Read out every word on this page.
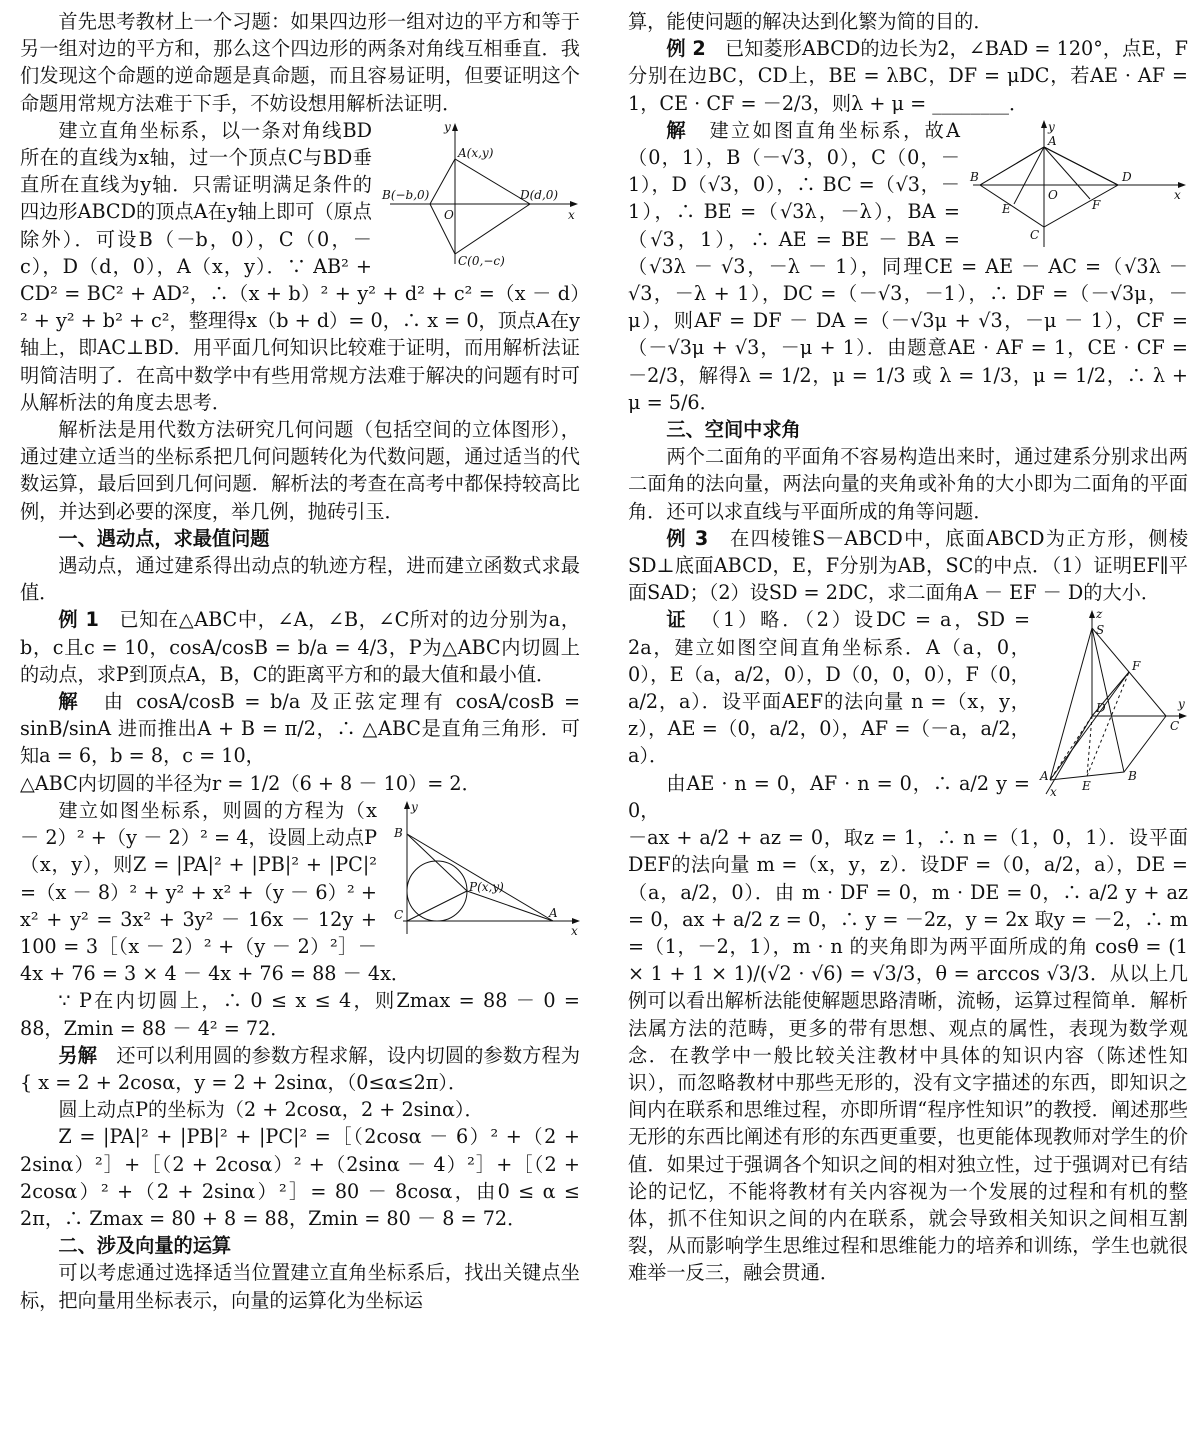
首先思考教材上一个习题：如果四边形一组对边的平方和等于另一组对边的平方和，那么这个四边形的两条对角线互相垂直．我们发现这个命题的逆命题是真命题，而且容易证明，但要证明这个命题用常规方法难于下手，不妨设想用解析法证明．

y
x
A(x,y)
B(−b,0)	D(d,0)
C(0,−c)
O

建立直角坐标系，以一条对角线BD所在的直线为x轴，过一个顶点C与BD垂直所在直线为y轴．只需证明满足条件的四边形ABCD的顶点A在y轴上即可（原点除外）．可设B（－b，0），C（0，－c），D（d，0），A（x，y）．∵ AB² + CD² = BC² + AD²，∴（x + b）² + y² + d² + c² =（x － d）² + y² + b² + c²，整理得x（b + d）= 0，∴ x = 0，顶点A在y轴上，即AC⊥BD．用平面几何知识比较难于证明，而用解析法证明简洁明了．在高中数学中有些用常规方法难于解决的问题有时可从解析法的角度去思考．

解析法是用代数方法研究几何问题（包括空间的立体图形），通过建立适当的坐标系把几何问题转化为代数问题，通过适当的代数运算，最后回到几何问题．解析法的考查在高考中都保持较高比例，并达到必要的深度，举几例，抛砖引玉．

一、遇动点，求最值问题

遇动点，通过建系得出动点的轨迹方程，进而建立函数式求最值．

例 1　 已知在△ABC中，∠A，∠B，∠C所对的边分别为a，b，c且c = 10，cosA/cosB = b/a = 4/3，P为△ABC内切圆上的动点，求P到顶点A，B，C的距离平方和的最大值和最小值．

解　 由 cosA/cosB = b/a 及正弦定理有 cosA/cosB = sinB/sinA 进而推出A + B = π/2，∴ △ABC是直角三角形．可知a = 6，b = 8，c = 10，

△ABC内切圆的半径为r = 1/2（6 + 8 － 10）= 2．

y
x
B
C	A
P(x,y)

建立如图坐标系，则圆的方程为（x － 2）² +（y － 2）² = 4，设圆上动点P（x，y），则Z = |PA|² + |PB|² + |PC|² =（x － 8）² + y² + x² +（y － 6）² + x² + y² = 3x² + 3y² － 16x － 12y + 100 = 3［（x － 2）² +（y － 2）²］－ 4x + 76 = 3 × 4 － 4x + 76 = 88 － 4x．

∵ P在内切圆上，∴ 0 ≤ x ≤ 4，则Zmax = 88 － 0 = 88，Zmin = 88 － 4² = 72．

另解　 还可以利用圆的参数方程求解，设内切圆的参数方程为 { x = 2 + 2cosα，y = 2 + 2sinα，（0≤α≤2π）．

圆上动点P的坐标为（2 + 2cosα，2 + 2sinα）．

Z = |PA|² + |PB|² + |PC|² =［（2cosα － 6）² +（2 + 2sinα）²］+［（2 + 2cosα）² +（2sinα － 4）²］+［（2 + 2cosα）² +（2 + 2sinα）²］= 80 － 8cosα，由0 ≤ α ≤ 2π，∴ Zmax = 80 + 8 = 88，Zmin = 80 － 8 = 72．

二、涉及向量的运算

可以考虑通过选择适当位置建立直角坐标系后，找出关键点坐标，把向量用坐标表示，向量的运算化为坐标运

算，能使问题的解决达到化繁为简的目的．

例 2　 已知菱形ABCD的边长为2，∠BAD = 120°，点E，F分别在边BC，CD上，BE = λBC，DF = μDC，若AE · AF = 1，CE · CF = －2/3，则λ + μ = ________．

y
x
A
B	D
C
O
E	F

解　 建立如图直角坐标系，故A（0，1），B（－√3，0），C（0，－1），D（√3，0），∴ BC =（√3，－1），∴ BE =（√3λ，－λ），BA =（√3，1），∴ AE = BE － BA =（√3λ － √3，－λ － 1），同理CE = AE － AC =（√3λ － √3，－λ + 1），DC =（－√3，－1），∴ DF =（－√3μ，－μ），则AF = DF － DA =（－√3μ + √3，－μ － 1），CF =（－√3μ + √3，－μ + 1）．由题意AE · AF = 1，CE · CF = －2/3，解得λ = 1/2，μ = 1/3 或 λ = 1/3，μ = 1/2，∴ λ + μ = 5/6．

三、空间中求角

两个二面角的平面角不容易构造出来时，通过建系分别求出两二面角的法向量，两法向量的夹角或补角的大小即为二面角的平面角．还可以求直线与平面所成的角等问题．

例 3　 在四棱锥S－ABCD中，底面ABCD为正方形，侧棱SD⊥底面ABCD，E，F分别为AB，SC的中点．（1）证明EF∥平面SAD；（2）设SD = 2DC，求二面角A － EF － D的大小．

z
y
x
S
F
D
C
A
E
B

证　 （1）略．（2）设DC = a，SD = 2a，建立如图空间直角坐标系．A（a，0，0），E（a，a/2，0），D（0，0，0），F（0，a/2，a）．设平面AEF的法向量 n =（x，y，z），AE =（0，a/2，0），AF =（－a，a/2，a）．

由AE · n = 0，AF · n = 0，∴ a/2 y = 0，

－ax + a/2 + az = 0，取z = 1，∴ n =（1，0，1）．设平面DEF的法向量 m =（x，y，z）．设DF =（0，a/2，a），DE =（a，a/2，0）．由 m · DF = 0，m · DE = 0，∴ a/2 y + az = 0，ax + a/2 z = 0，∴ y = －2z，y = 2x 取y = －2，∴ m =（1，－2，1），m · n 的夹角即为两平面所成的角 cosθ = (1 × 1 + 1 × 1)/(√2 · √6) = √3/3，θ = arccos √3/3．从以上几例可以看出解析法能使解题思路清晰，流畅，运算过程简单．解析法属方法的范畴，更多的带有思想、观点的属性，表现为数学观念．在教学中一般比较关注教材中具体的知识内容（陈述性知识），而忽略教材中那些无形的，没有文字描述的东西，即知识之间内在联系和思维过程，亦即所谓“程序性知识”的教授．阐述那些无形的东西比阐述有形的东西更重要，也更能体现教师对学生的价值．如果过于强调各个知识之间的相对独立性，过于强调对已有结论的记忆，不能将教材有关内容视为一个发展的过程和有机的整体，抓不住知识之间的内在联系，就会导致相关知识之间相互割裂，从而影响学生思维过程和思维能力的培养和训练，学生也就很难举一反三，融会贯通．
